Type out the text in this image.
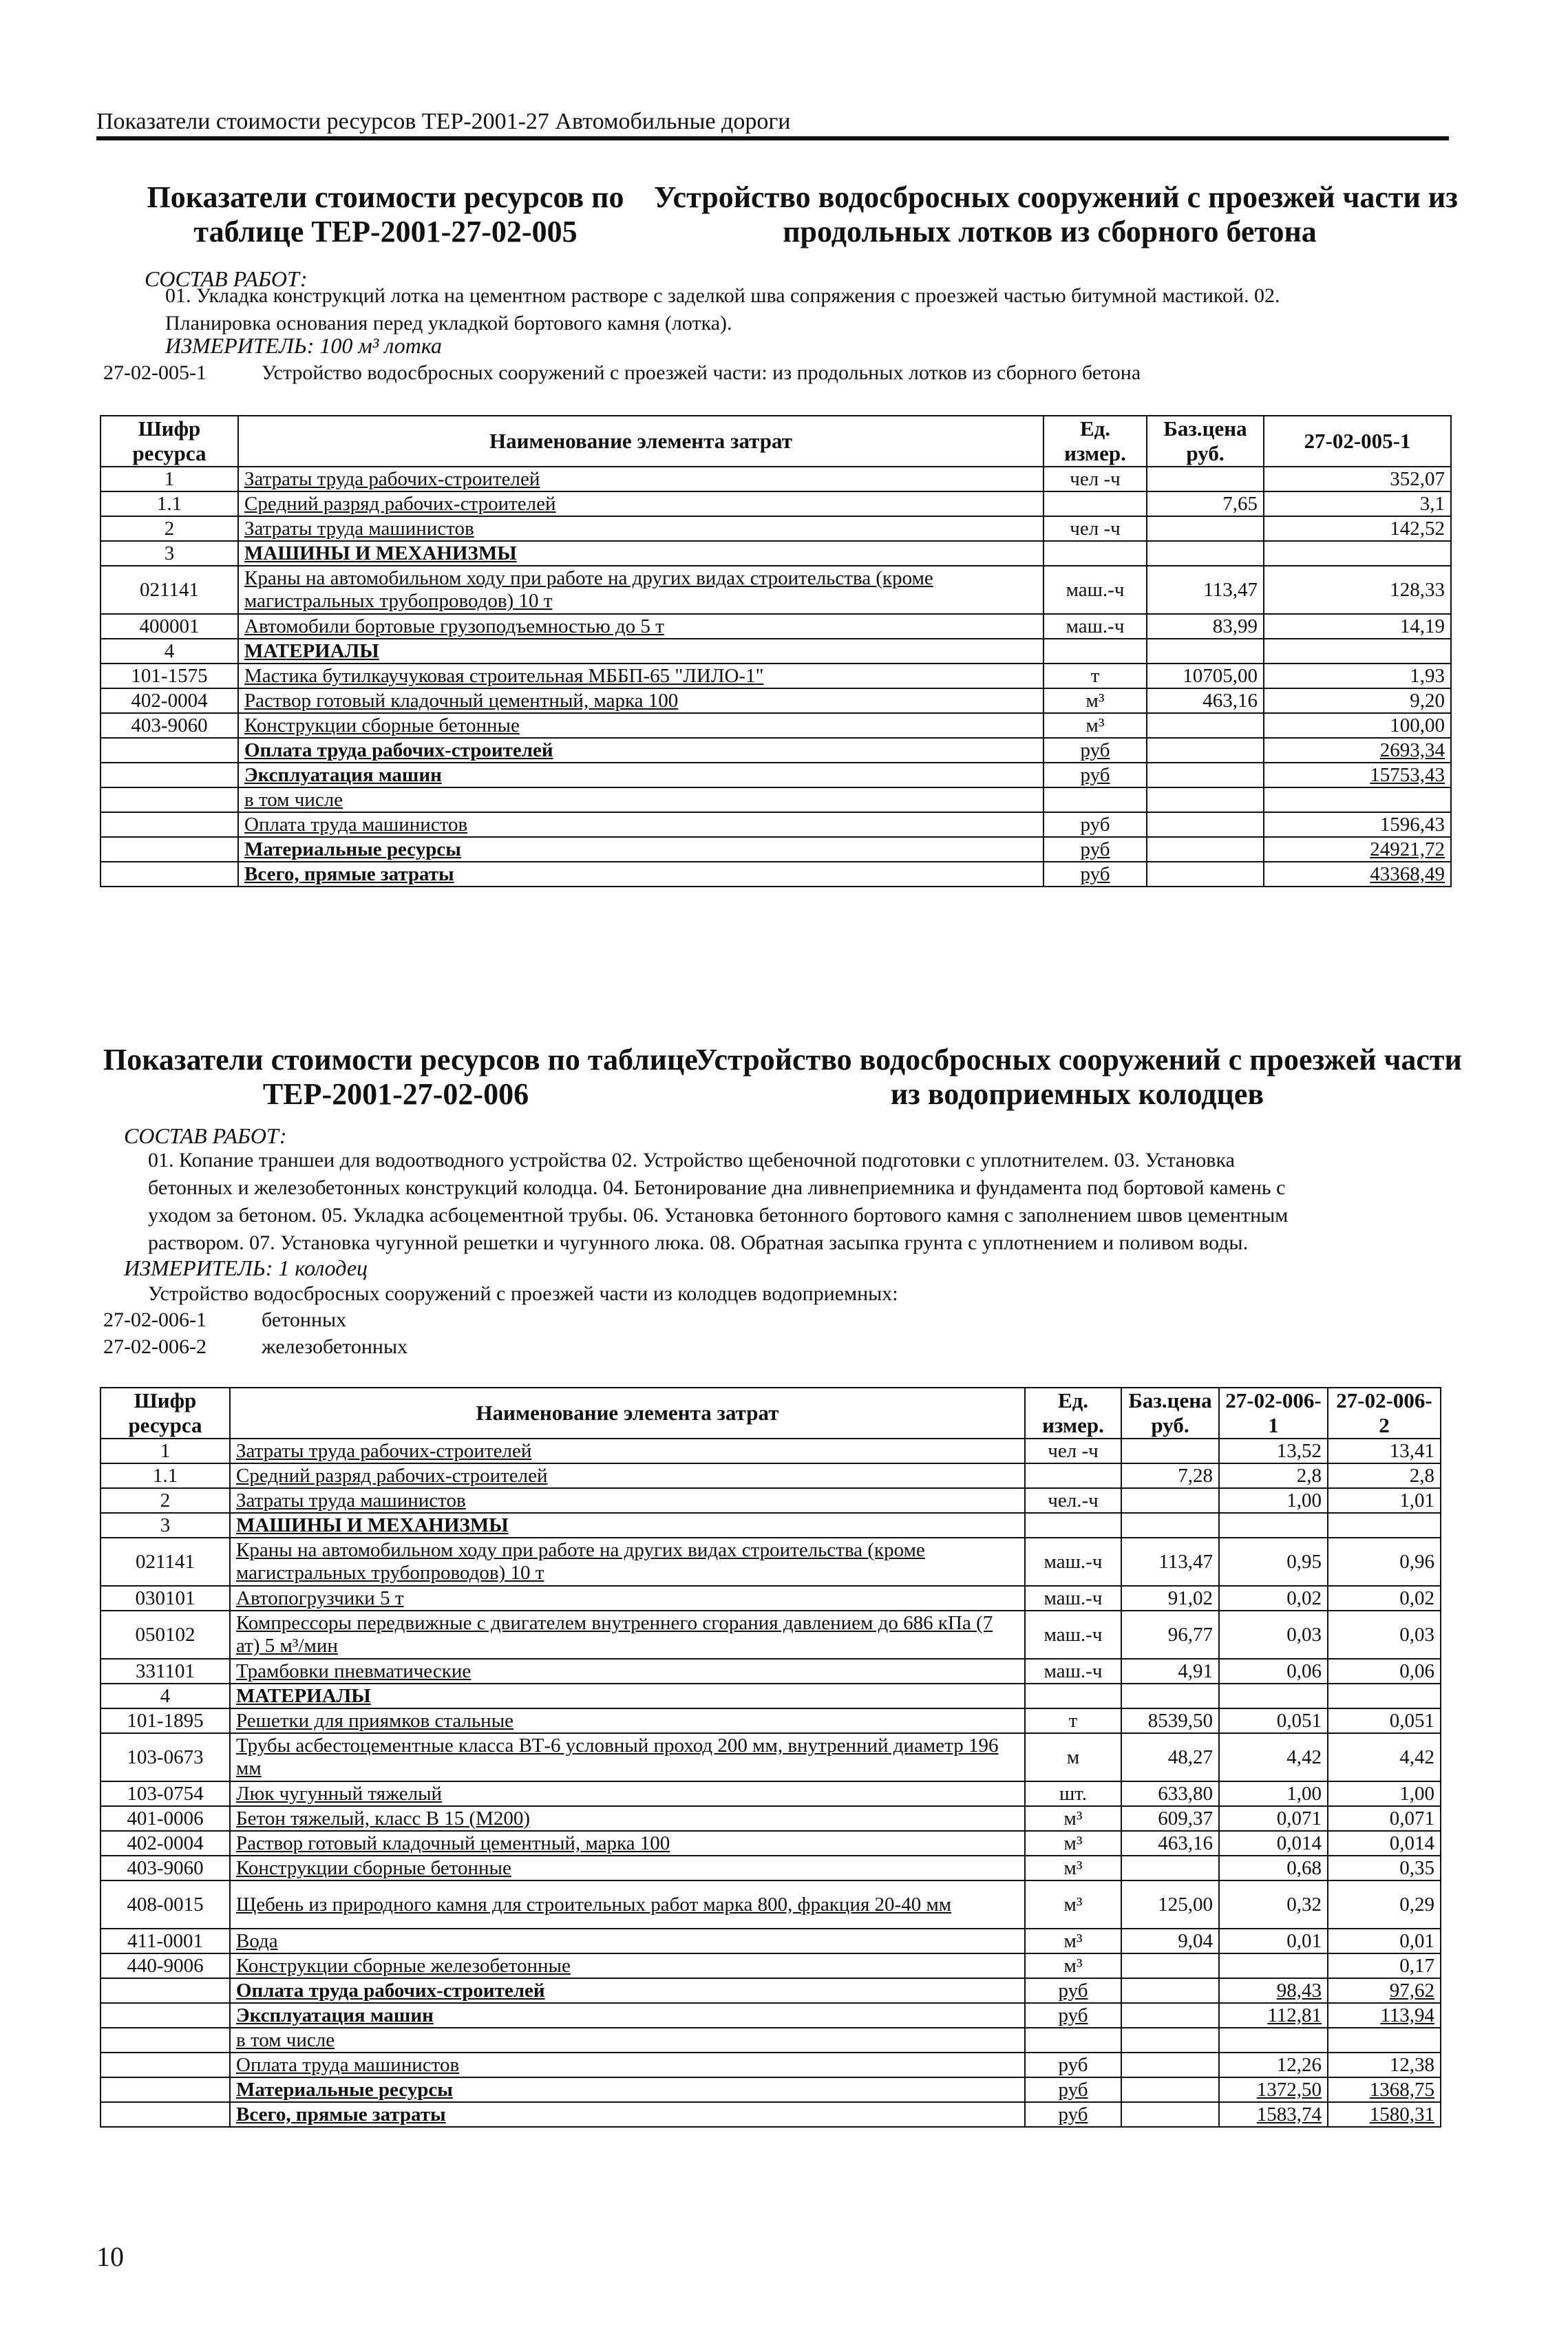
Показатели стоимости ресурсов ТЕР-2001-27 Автомобильные дороги
Показатели стоимости ресурсов по
таблице ТЕР-2001-27-02-005
Устройство водосбросных сооружений с проезжей части из
продольных лотков из сборного бетона
СОСТАВ РАБОТ:
01. Укладка конструкций лотка на цементном растворе с заделкой шва сопряжения с проезжей частью битумной мастикой. 02.
Планировка основания перед укладкой бортового камня (лотка).
ИЗМЕРИТЕЛЬ: 100 м³ лотка
27-02-005-1	Устройство водосбросных сооружений с проезжей части: из продольных лотков из сборного бетона
Шифр ресурса	Наименование элемента затрат	Ед. измер.	Баз.цена руб.	27-02-005-1
1	Затраты труда рабочих-строителей	чел -ч		352,07
1.1	Средний разряд рабочих-строителей		7,65	3,1
2	Затраты труда машинистов	чел -ч		142,52
3	МАШИНЫ И МЕХАНИЗМЫ			
021141	Краны на автомобильном ходу при работе на других видах строительства (кроме магистральных трубопроводов) 10 т	маш.-ч	113,47	128,33
400001	Автомобили бортовые грузоподъемностью до 5 т	маш.-ч	83,99	14,19
4	МАТЕРИАЛЫ			
101-1575	Мастика бутилкаучуковая строительная МББП-65 "ЛИЛО-1"	т	10705,00	1,93
402-0004	Раствор готовый кладочный цементный, марка 100	м³	463,16	9,20
403-9060	Конструкции сборные бетонные	м³		100,00
	Оплата труда рабочих-строителей	руб		2693,34
	Эксплуатация машин	руб		15753,43
	в том числе			
	Оплата труда машинистов	руб		1596,43
	Материальные ресурсы	руб		24921,72
	Всего, прямые затраты	руб		43368,49
Показатели стоимости ресурсов по таблице
ТЕР-2001-27-02-006
Устройство водосбросных сооружений с проезжей части
из водоприемных колодцев
СОСТАВ РАБОТ:
01. Копание траншеи для водоотводного устройства 02. Устройство щебеночной подготовки с уплотнителем. 03. Установка
бетонных и железобетонных конструкций колодца. 04. Бетонирование дна ливнеприемника и фундамента под бортовой камень с
уходом за бетоном. 05. Укладка асбоцементной трубы. 06. Установка бетонного бортового камня с заполнением швов цементным
раствором. 07. Установка чугунной решетки и чугунного люка. 08. Обратная засыпка грунта с уплотнением и поливом воды.
ИЗМЕРИТЕЛЬ: 1 колодец
Устройство водосбросных сооружений с проезжей части из колодцев водоприемных:
27-02-006-1	бетонных
27-02-006-2	железобетонных
Шифр ресурса	Наименование элемента затрат	Ед. измер.	Баз.цена руб.	27-02-006-1	27-02-006-2
1	Затраты труда рабочих-строителей	чел -ч		13,52	13,41
1.1	Средний разряд рабочих-строителей		7,28	2,8	2,8
2	Затраты труда машинистов	чел.-ч		1,00	1,01
3	МАШИНЫ И МЕХАНИЗМЫ				
021141	Краны на автомобильном ходу при работе на других видах строительства (кроме магистральных трубопроводов) 10 т	маш.-ч	113,47	0,95	0,96
030101	Автопогрузчики 5 т	маш.-ч	91,02	0,02	0,02
050102	Компрессоры передвижные с двигателем внутреннего сгорания давлением до 686 кПа (7 ат) 5 м³/мин	маш.-ч	96,77	0,03	0,03
331101	Трамбовки пневматические	маш.-ч	4,91	0,06	0,06
4	МАТЕРИАЛЫ				
101-1895	Решетки для приямков стальные	т	8539,50	0,051	0,051
103-0673	Трубы асбестоцементные класса ВТ-6 условный проход 200 мм, внутренний диаметр 196 мм	м	48,27	4,42	4,42
103-0754	Люк чугунный тяжелый	шт.	633,80	1,00	1,00
401-0006	Бетон тяжелый, класс В 15 (М200)	м³	609,37	0,071	0,071
402-0004	Раствор готовый кладочный цементный, марка 100	м³	463,16	0,014	0,014
403-9060	Конструкции сборные бетонные	м³		0,68	0,35
408-0015	Щебень из природного камня для строительных работ марка 800, фракция 20-40 мм	м³	125,00	0,32	0,29
411-0001	Вода	м³	9,04	0,01	0,01
440-9006	Конструкции сборные железобетонные	м³			0,17
	Оплата труда рабочих-строителей	руб		98,43	97,62
	Эксплуатация машин	руб		112,81	113,94
	в том числе				
	Оплата труда машинистов	руб		12,26	12,38
	Материальные ресурсы	руб		1372,50	1368,75
	Всего, прямые затраты	руб		1583,74	1580,31
10
